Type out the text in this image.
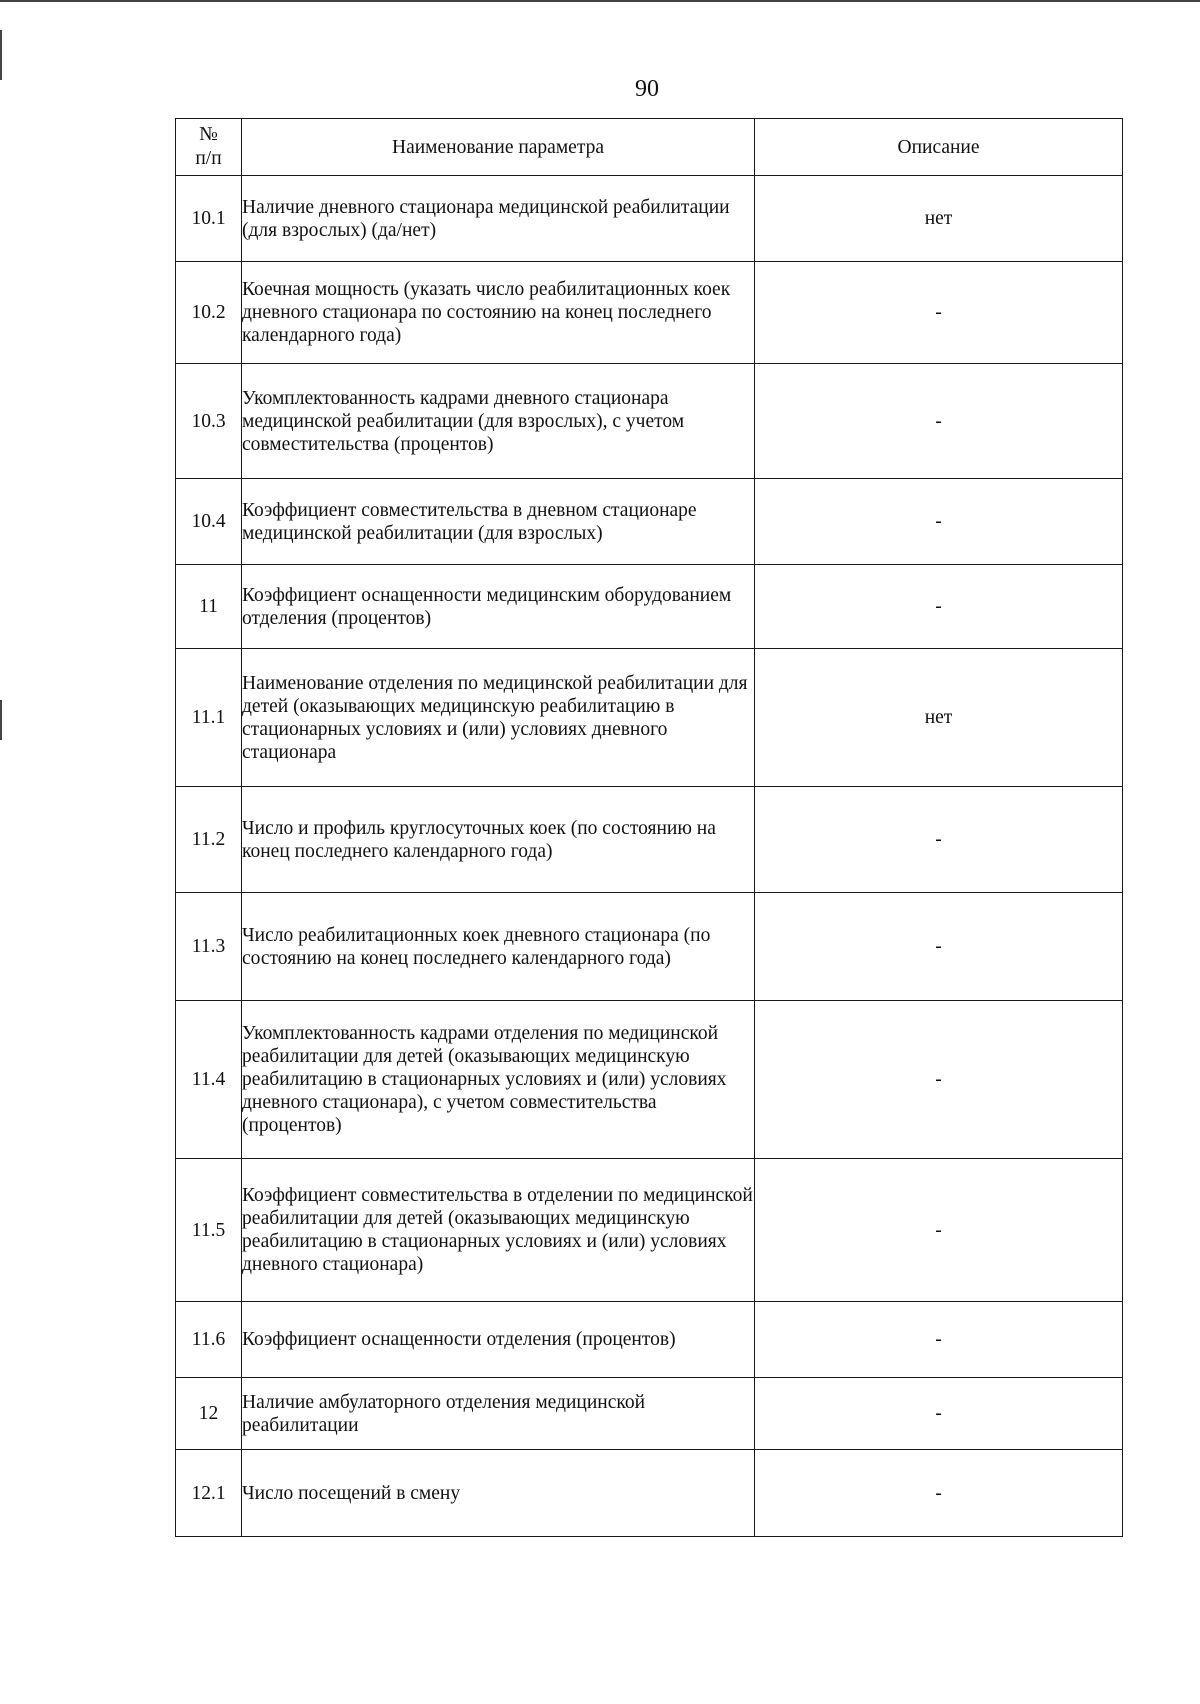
90
№
п/п	Наименование параметра	Описание
10.1	Наличие дневного стационара медицинской реабилитации (для взрослых) (да/нет)	нет
10.2	Коечная мощность (указать число реабилитационных коек дневного стационара по состоянию на конец последнего календарного года)	-
10.3	Укомплектованность кадрами дневного стационара медицинской реабилитации (для взрослых), с учетом совместительства (процентов)	-
10.4	Коэффициент совместительства в дневном стационаре медицинской реабилитации (для взрослых)	-
11	Коэффициент оснащенности медицинским оборудованием отделения (процентов)	-
11.1	Наименование отделения по медицинской реабилитации для детей (оказывающих медицинскую реабилитацию в стационарных условиях и (или) условиях дневного стационара	нет
11.2	Число и профиль круглосуточных коек (по состоянию на конец последнего календарного года)	-
11.3	Число реабилитационных коек дневного стационара (по состоянию на конец последнего календарного года)	-
11.4	Укомплектованность кадрами отделения по медицинской реабилитации для детей (оказывающих медицинскую реабилитацию в стационарных условиях и (или) условиях дневного стационара), с учетом совместительства (процентов)	-
11.5	Коэффициент совместительства в отделении по медицинской реабилитации для детей (оказывающих медицинскую реабилитацию в стационарных условиях и (или) условиях дневного стационара)	-
11.6	Коэффициент оснащенности отделения (процентов)	-
12	Наличие амбулаторного отделения медицинской реабилитации	-
12.1	Число посещений в смену	-
